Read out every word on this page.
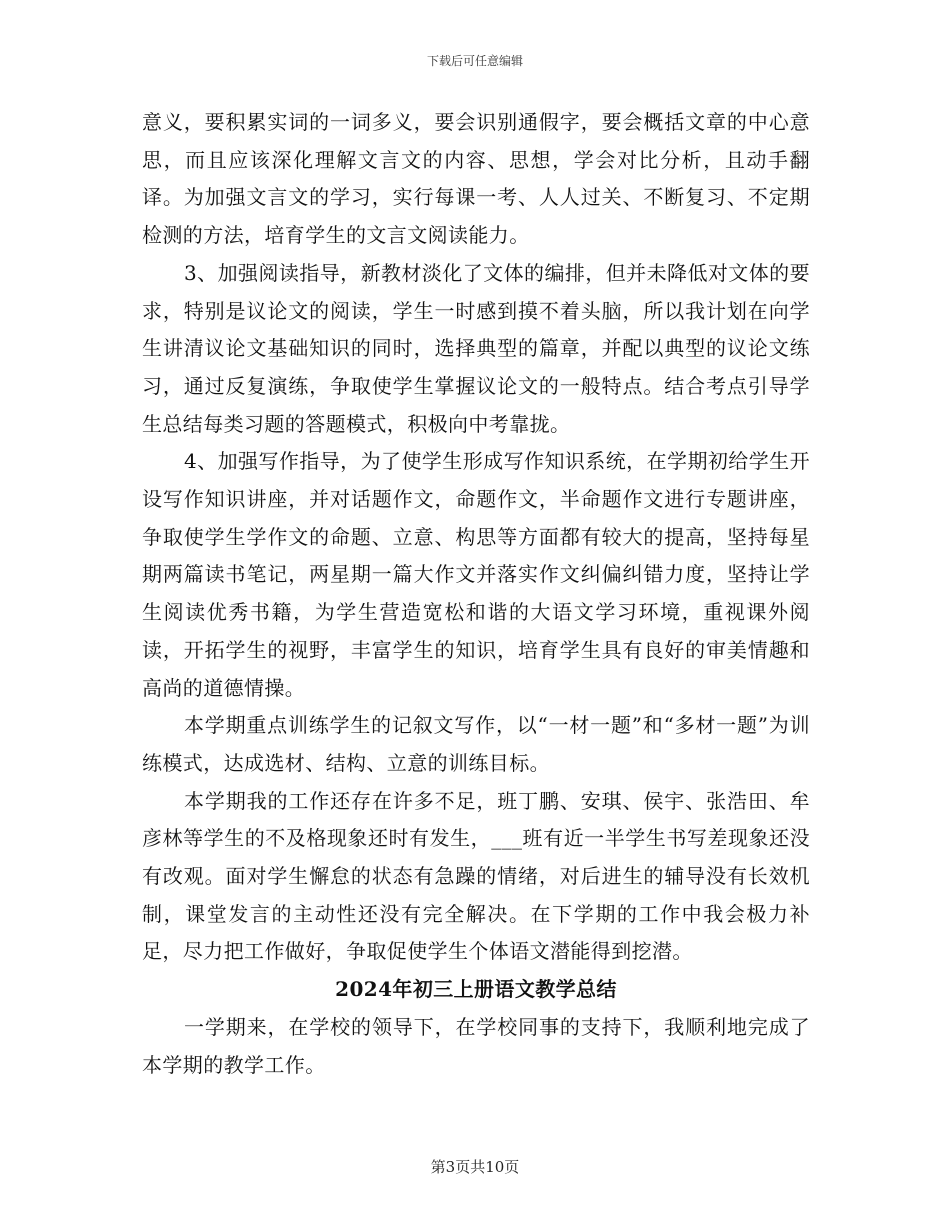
下载后可任意编辑

意义，要积累实词的一词多义，要会识别通假字，要会概括文章的中心意思，而且应该深化理解文言文的内容、思想，学会对比分析，且动手翻译。为加强文言文的学习，实行每课一考、人人过关、不断复习、不定期检测的方法，培育学生的文言文阅读能力。

3、加强阅读指导，新教材淡化了文体的编排，但并未降低对文体的要求，特别是议论文的阅读，学生一时感到摸不着头脑，所以我计划在向学生讲清议论文基础知识的同时，选择典型的篇章，并配以典型的议论文练习，通过反复演练，争取使学生掌握议论文的一般特点。结合考点引导学生总结每类习题的答题模式，积极向中考靠拢。

4、加强写作指导，为了使学生形成写作知识系统，在学期初给学生开设写作知识讲座，并对话题作文，命题作文，半命题作文进行专题讲座，争取使学生学作文的命题、立意、构思等方面都有较大的提高，坚持每星期两篇读书笔记，两星期一篇大作文并落实作文纠偏纠错力度，坚持让学生阅读优秀书籍，为学生营造宽松和谐的大语文学习环境，重视课外阅读，开拓学生的视野，丰富学生的知识，培育学生具有良好的审美情趣和高尚的道德情操。

本学期重点训练学生的记叙文写作，以“一材一题”和“多材一题”为训练模式，达成选材、结构、立意的训练目标。

本学期我的工作还存在许多不足，班丁鹏、安琪、侯宇、张浩田、牟彦林等学生的不及格现象还时有发生，___班有近一半学生书写差现象还没有改观。面对学生懈怠的状态有急躁的情绪，对后进生的辅导没有长效机制，课堂发言的主动性还没有完全解决。在下学期的工作中我会极力补足，尽力把工作做好，争取促使学生个体语文潜能得到挖潜。

2024年初三上册语文教学总结

一学期来，在学校的领导下，在学校同事的支持下，我顺利地完成了本学期的教学工作。

第3页共10页
